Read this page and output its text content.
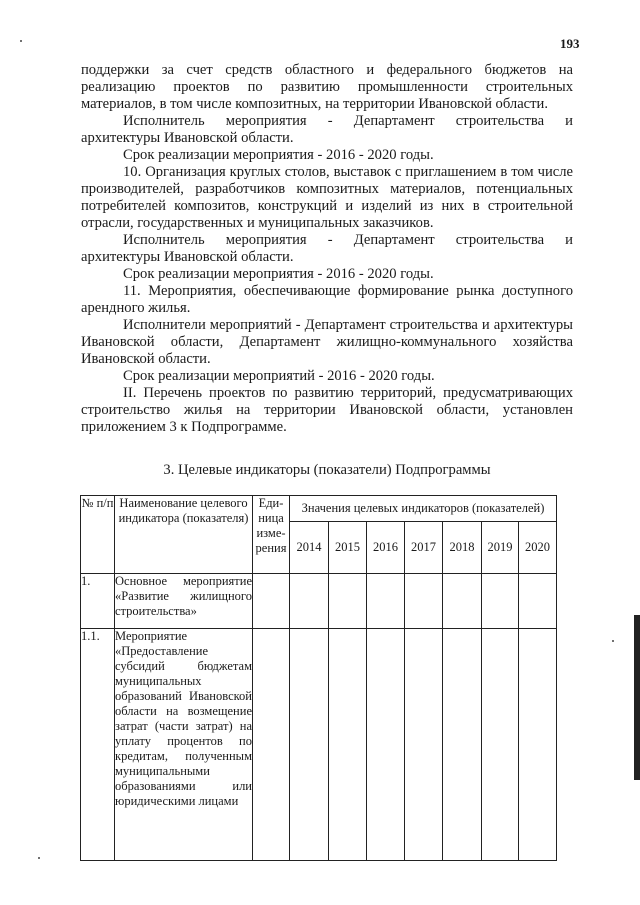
193

поддержки за счет средств областного и федерального бюджетов на реализацию проектов по развитию промышленности строительных материалов, в том числе композитных, на территории Ивановской области.

Исполнитель мероприятия - Департамент строительства и

архитектуры Ивановской области.

Срок реализации мероприятия - 2016 - 2020 годы.

10. Организация круглых столов, выставок с приглашением в том числе производителей, разработчиков композитных материалов, потенциальных потребителей композитов, конструкций и изделий из них в строительной отрасли, государственных и муниципальных заказчиков.

Исполнитель мероприятия - Департамент строительства и

архитектуры Ивановской области.

Срок реализации мероприятия - 2016 - 2020 годы.

11. Мероприятия, обеспечивающие формирование рынка доступного арендного жилья.

Исполнители мероприятий - Департамент строительства и архитектуры Ивановской области, Департамент жилищно-коммунального хозяйства Ивановской области.

Срок реализации мероприятий - 2016 - 2020 годы.

II. Перечень проектов по развитию территорий, предусматривающих строительство жилья на территории Ивановской области, установлен приложением 3 к Подпрограмме.

3. Целевые индикаторы (показатели) Подпрограммы
№ п/п	Наименование целевого индикатора (показателя)	Еди-
ница
изме-
рения	Значения целевых индикаторов (показателей)						
			2014	2015	2016	2017	2018	2019	2020
1.	Основное мероприятие «Развитие жилищного строительства»								
1.1.	Мероприятие «Предоставление субсидий бюджетам муниципальных образований Ивановской области на возмещение затрат (части затрат) на уплату процентов по кредитам, полученным муниципальными образованиями или юридическими лицами								
